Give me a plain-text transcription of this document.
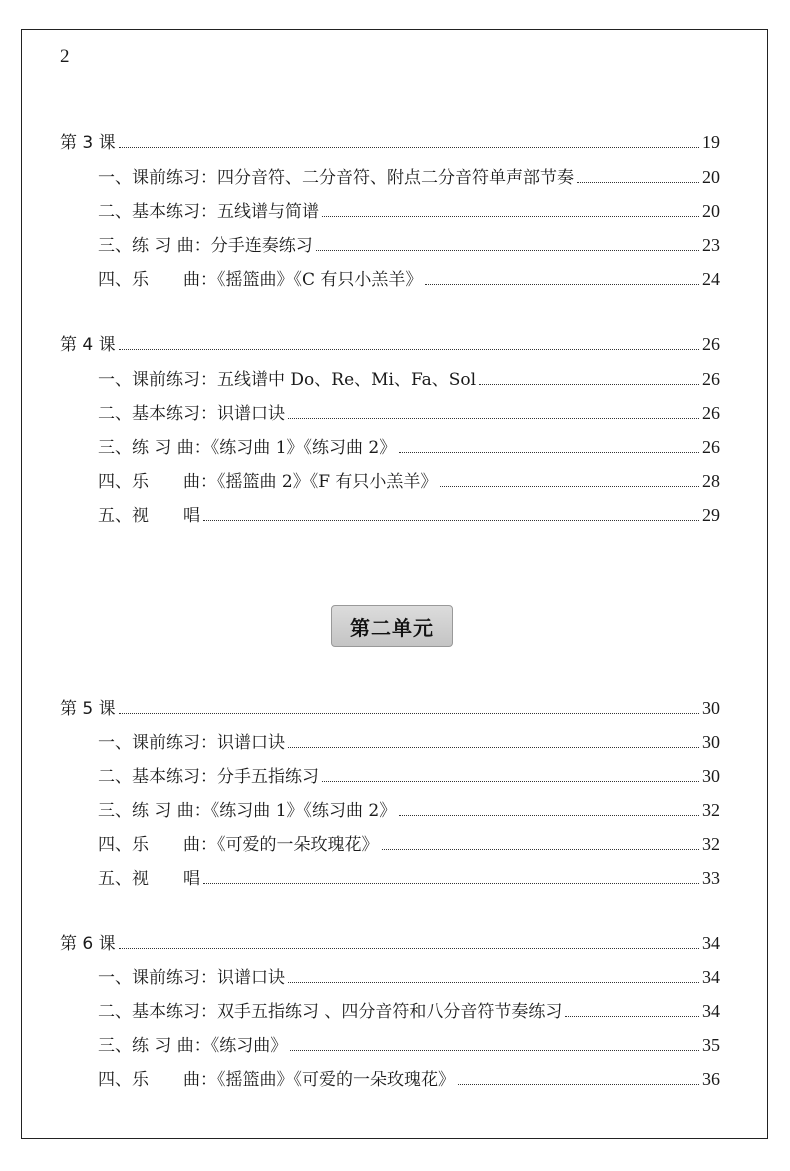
2
第 3 课	19
一、课前练习：四分音符、二分音符、附点二分音符单声部节奏	20
二、基本练习：五线谱与简谱	20
三、练 习 曲：分手连奏练习	23
四、乐　　曲：《摇篮曲》《C 有只小羔羊》	24
第 4 课	26
一、课前练习：五线谱中 Do、Re、Mi、Fa、Sol	26
二、基本练习：识谱口诀	26
三、练 习 曲：《练习曲 1》《练习曲 2》	26
四、乐　　曲：《摇篮曲 2》《F 有只小羔羊》	28
五、视　　唱	29
第二单元
第 5 课	30
一、课前练习：识谱口诀	30
二、基本练习：分手五指练习	30
三、练 习 曲：《练习曲 1》《练习曲 2》	32
四、乐　　曲：《可爱的一朵玫瑰花》	32
五、视　　唱	33
第 6 课	34
一、课前练习：识谱口诀	34
二、基本练习：双手五指练习 、四分音符和八分音符节奏练习	34
三、练 习 曲：《练习曲》	35
四、乐　　曲：《摇篮曲》《可爱的一朵玫瑰花》	36
